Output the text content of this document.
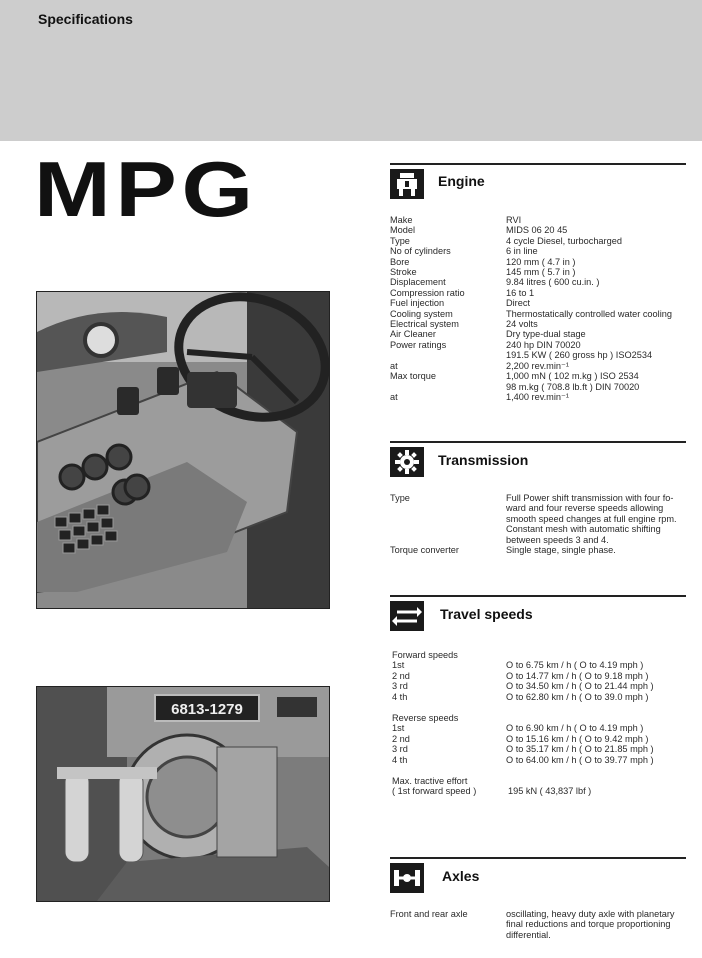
Specifications
MPG
6813-1279
Engine
Make	RVI
Model	MIDS 06 20 45
Type	4 cycle Diesel, turbocharged
No of cylinders	6 in line
Bore	120 mm ( 4.7 in )
Stroke	145 mm ( 5.7 in )
Displacement	9.84 litres ( 600 cu.in. )
Compression ratio	16 to 1
Fuel injection	Direct
Cooling system	Thermostatically controlled water cooling
Electrical system	24 volts
Air Cleaner	Dry type-dual stage
Power ratings	240 hp DIN 70020
191.5 KW ( 260 gross hp ) ISO2534
at	2,200 rev.min⁻¹
Max torque	1,000 mN ( 102 m.kg ) ISO 2534
98 m.kg ( 708.8 lb.ft ) DIN 70020
at	1,400 rev.min⁻¹
Transmission
Type	Full Power shift transmission with four fo-
ward and four reverse speeds allowing
smooth speed changes at full engine rpm.
Constant mesh with automatic shifting
between speeds 3 and 4.
Torque converter	Single stage, single phase.
Travel speeds
Forward speeds
1st	O to 6.75 km / h ( O to 4.19 mph )
2 nd	O to 14.77 km / h ( O to 9.18 mph )
3 rd	O to 34.50 km / h ( O to 21.44 mph )
4 th	O to 62.80 km / h ( O to 39.0 mph )
Reverse speeds
1st	O to 6.90 km / h ( O to 4.19 mph )
2 nd	O to 15.16 km / h ( O to 9.42 mph )
3 rd	O to 35.17 km / h ( O to 21.85 mph )
4 th	O to 64.00 km / h ( O to 39.77 mph )
Max. tractive effort
( 1st forward speed )	195 kN ( 43,837 lbf )
Axles
Front and rear axle	oscillating, heavy duty axle with planetary
final reductions and torque proportioning
differential.
